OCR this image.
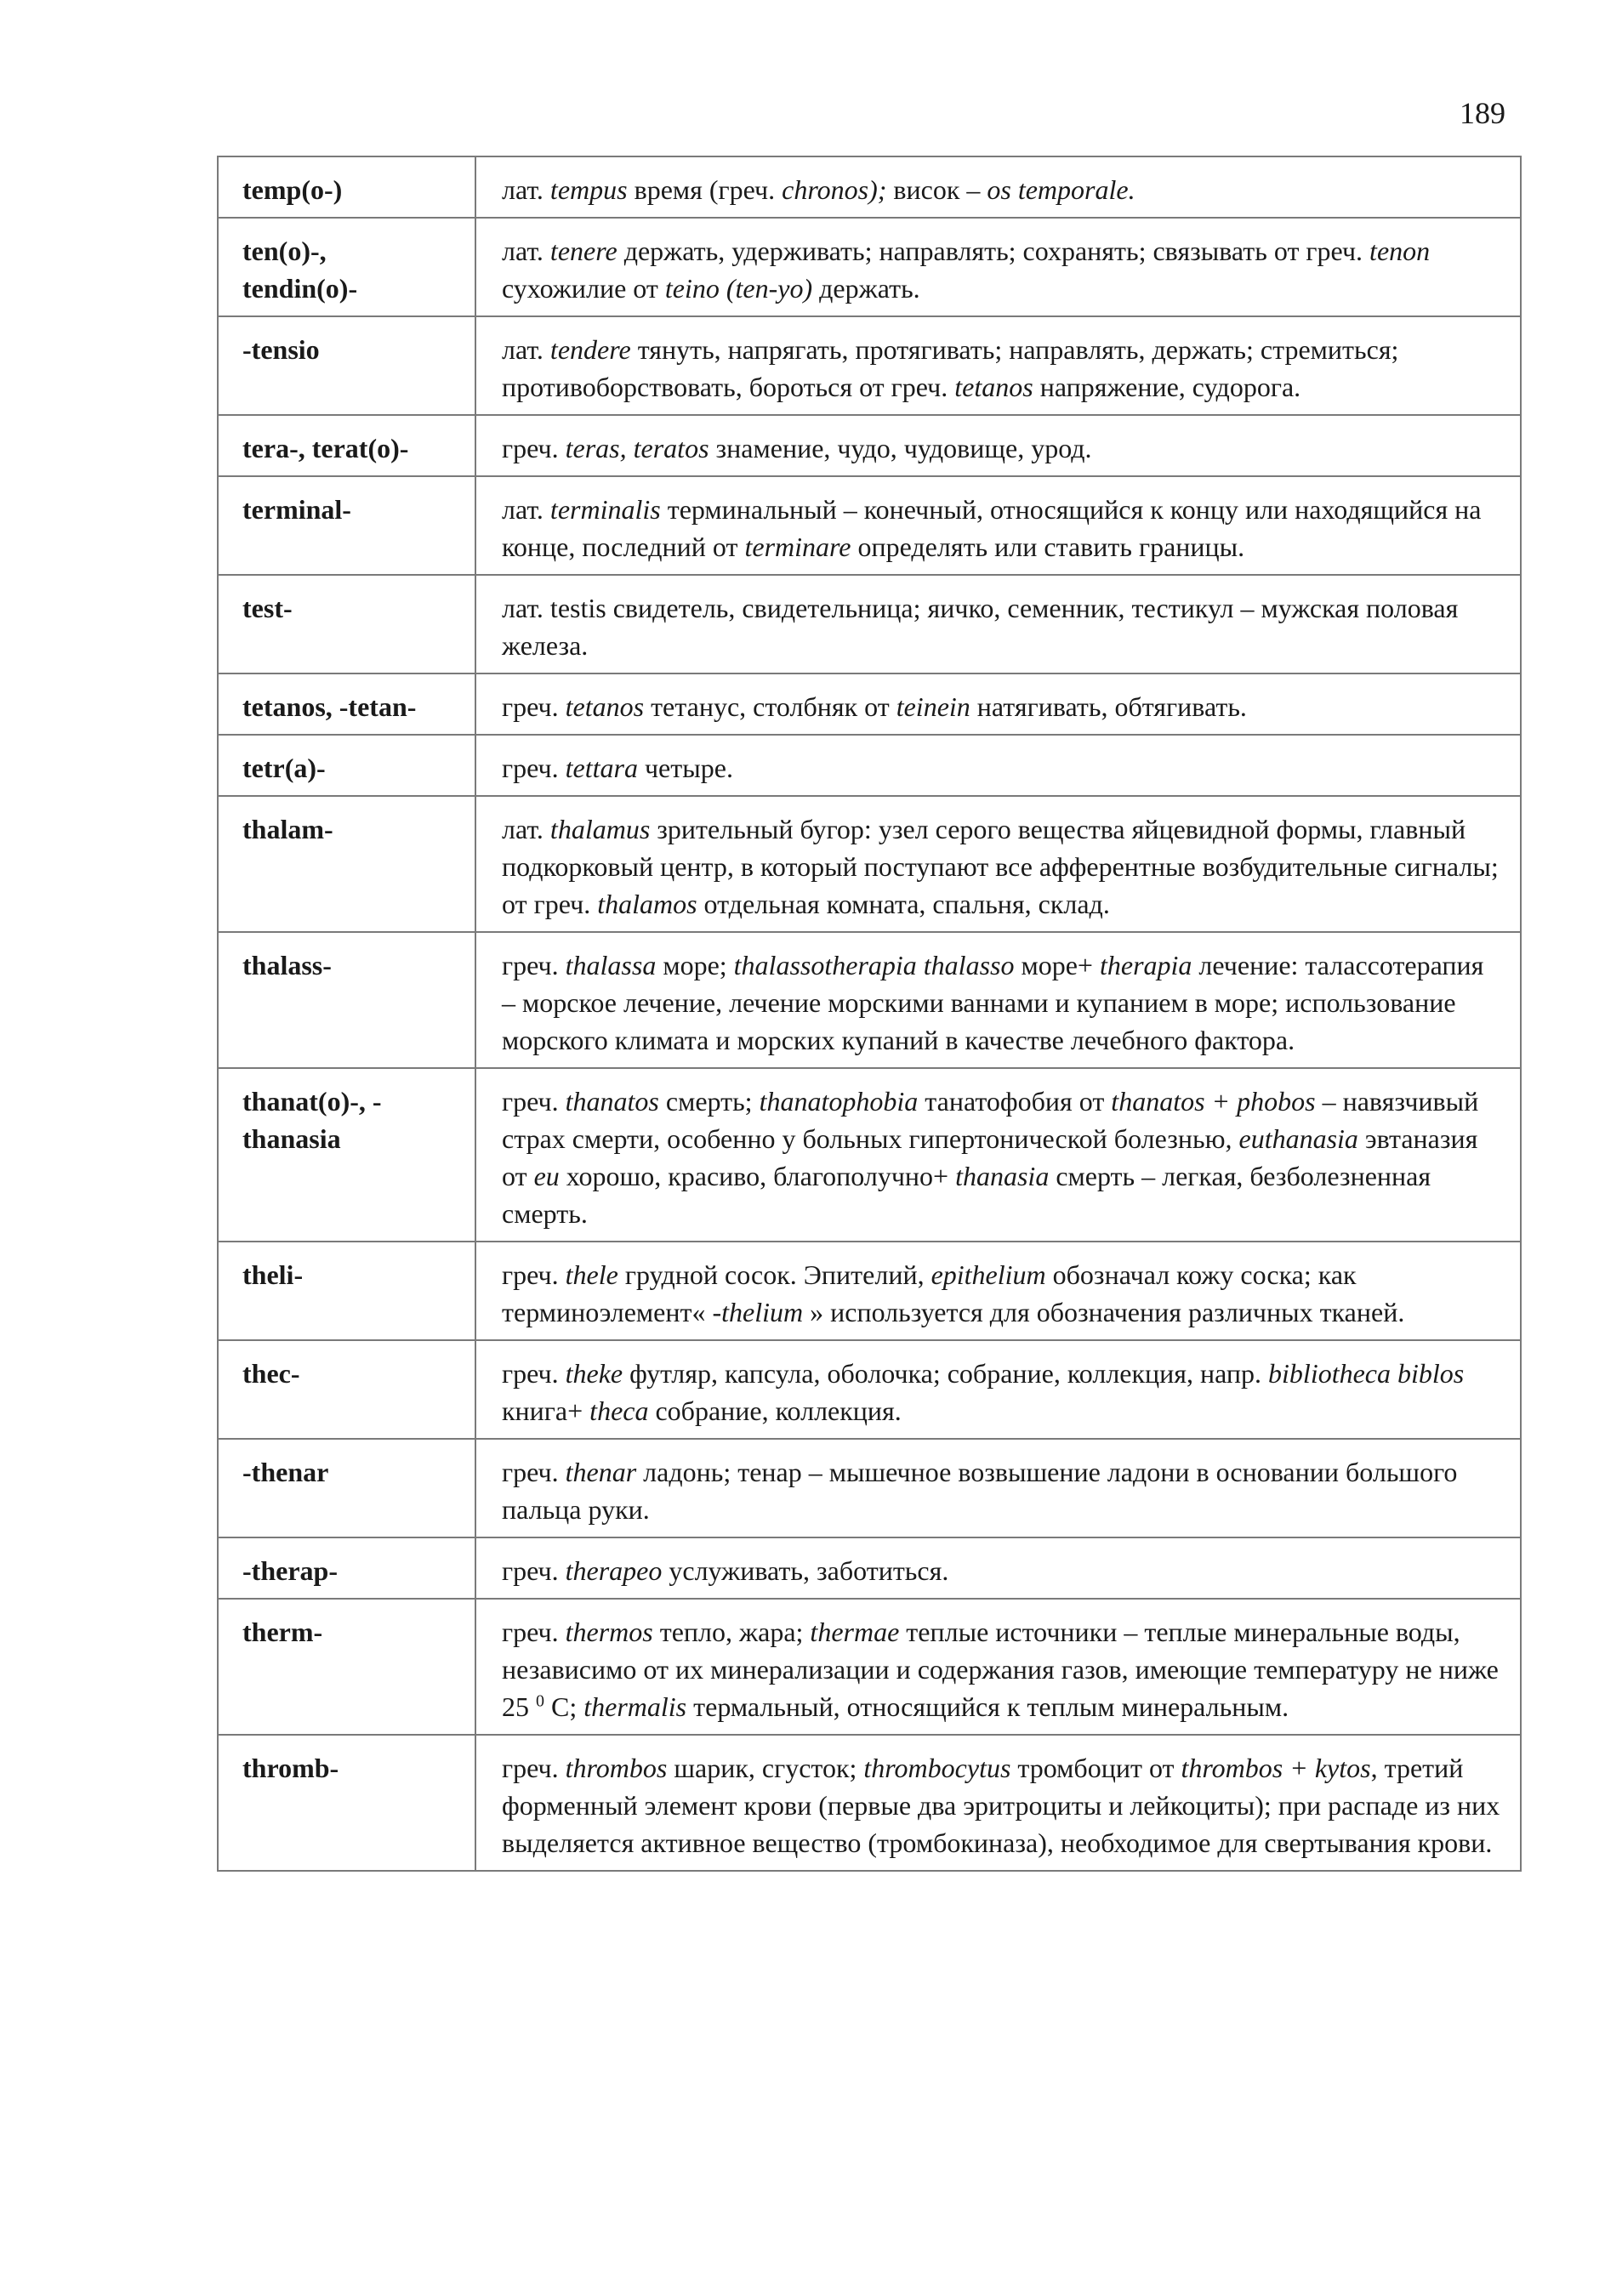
189
temp(o-)	лат. tempus время (греч. chronos); висок – os temporale.
ten(o)-,
tendin(o)-	лат. tenere держать, удерживать; направлять; сохранять; связывать от греч. tenon сухожилие от teino (ten-yo) держать.
-tensio	лат. tendere тянуть, напрягать, протягивать; направлять, держать; стремиться; противоборствовать, бороться от греч. tetanos напряжение, судорога.
tera-, terat(o)-	греч. teras, teratos знамение, чудо, чудовище, урод.
terminal-	лат. terminalis терминальный – конечный, относящийся к концу или находящийся на конце, последний от terminare определять или ставить границы.
test-	лат. testis свидетель, свидетельница; яичко, семенник, тестикул – мужская половая железа.
tetanos, -tetan-	греч. tetanos тетанус, столбняк от teinein натягивать, обтягивать.
tetr(a)-	греч. tettara четыре.
thalam-	лат. thalamus зрительный бугор: узел серого вещества яйцевидной формы, главный подкорковый центр, в который поступают все афферентные возбудительные сигналы; от греч. thalamos отдельная комната, спальня, склад.
thalass-	греч. thalassa море; thalassotherapia thalasso море+ therapia лечение: талассотерапия – морское лечение, лечение морскими ваннами и купанием в море; использование морского климата и морских купаний в качестве лечебного фактора.
thanat(o)-, -
thanasia	греч. thanatos смерть; thanatophobia танатофобия от thanatos + phobos – навязчивый страх смерти, особенно у больных гипертонической болезнью, euthanasia эвтаназия от eu хорошо, красиво, благополучно+ thanasia смерть – легкая, безболезненная смерть.
theli-	греч. thele грудной сосок. Эпителий, epithelium обозначал кожу соска; как терминоэлемент« -thelium » используется для обозначения различных тканей.
thec-	греч. theke футляр, капсула, оболочка; собрание, коллекция, напр. bibliotheca biblos книга+ theca собрание, коллекция.
-thenar	греч. thenar ладонь; тенар – мышечное возвышение ладони в основании большого пальца руки.
-therap-	греч. therapeo услуживать, заботиться.
therm-	греч. thermos тепло, жара; thermae теплые источники – теплые минеральные воды, независимо от их минерализации и содержания газов, имеющие температуру не ниже 25 $^0$ С; thermalis термальный, относящийся к теплым минеральным.
thromb-	греч. thrombos шарик, сгусток; thrombocytus тромбоцит от thrombos + kytos, третий форменный элемент крови (первые два эритроциты и лейкоциты); при распаде из них выделяется активное вещество (тромбокиназа), необходимое для свертывания крови.
